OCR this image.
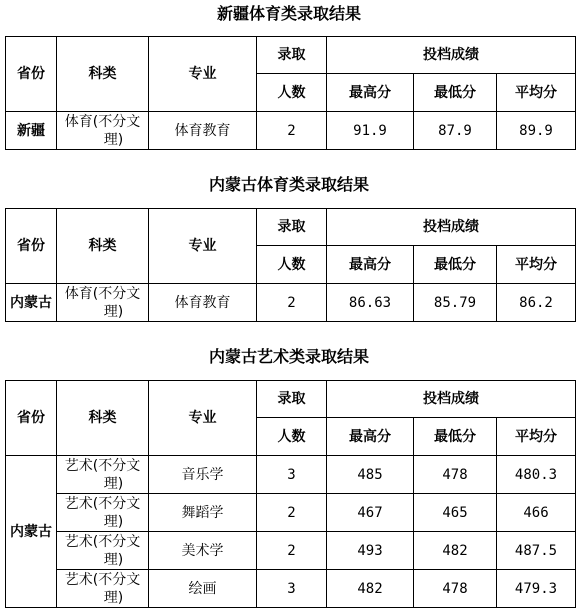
新疆体育类录取结果
省份	科类	专业	录取	投档成绩		
			人数	最高分	最低分	平均分
新疆	体育(不分文
理)	体育教育	2	91.9	87.9	89.9
内蒙古体育类录取结果
省份	科类	专业	录取	投档成绩		
			人数	最高分	最低分	平均分
内蒙古	体育(不分文
理)	体育教育	2	86.63	85.79	86.2
内蒙古艺术类录取结果
省份	科类	专业	录取	投档成绩		
			人数	最高分	最低分	平均分
内蒙古	艺术(不分文
理)	音乐学	3	485	478	480.3

	艺术(不分文
理)	舞蹈学	2	467	465	466

	艺术(不分文
理)	美术学	2	493	482	487.5

	艺术(不分文
理)	绘画	3	482	478	479.3
